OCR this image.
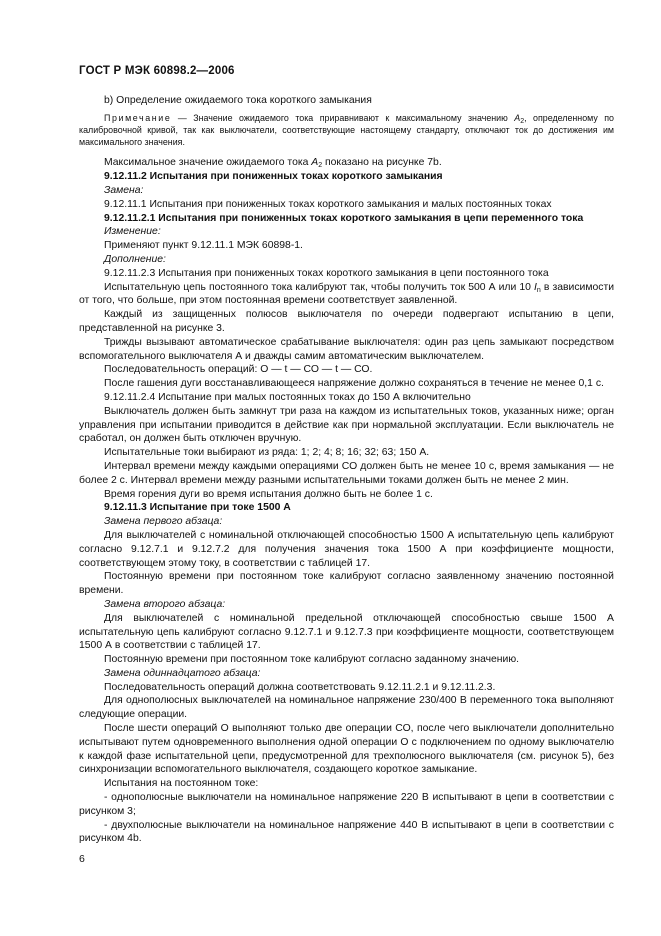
ГОСТ Р МЭК 60898.2—2006

b) Определение ожидаемого тока короткого замыкания

Примечание — Значение ожидаемого тока приравнивают к максимальному значению $A_2$, определенному по калибровочной кривой, так как выключатели, соответствующие настоящему стандарту, отключают ток до достижения им максимального значения.

Максимальное значение ожидаемого тока $A_2$ показано на рисунке 7b.

9.12.11.2 Испытания при пониженных токах короткого замыкания

Замена:

9.12.11.1 Испытания при пониженных токах короткого замыкания и малых постоянных токах

9.12.11.2.1 Испытания при пониженных токах короткого замыкания в цепи переменного тока

Изменение:

Применяют пункт 9.12.11.1 МЭК 60898-1.

Дополнение:

9.12.11.2.3 Испытания при пониженных токах короткого замыкания в цепи постоянного тока

Испытательную цепь постоянного тока калибруют так, чтобы получить ток 500 А или 10 $I_n$ в зависимости от того, что больше, при этом постоянная времени соответствует заявленной.

Каждый из защищенных полюсов выключателя по очереди подвергают испытанию в цепи, представленной на рисунке 3.

Трижды вызывают автоматическое срабатывание выключателя: один раз цепь замыкают посредством вспомогательного выключателя А и дважды самим автоматическим выключателем.

Последовательность операций: О — t — СО — t — СО.

После гашения дуги восстанавливающееся напряжение должно сохраняться в течение не менее 0,1 с.

9.12.11.2.4 Испытание при малых постоянных токах до 150 А включительно

Выключатель должен быть замкнут три раза на каждом из испытательных токов, указанных ниже; орган управления при испытании приводится в действие как при нормальной эксплуатации. Если выключатель не сработал, он должен быть отключен вручную.

Испытательные токи выбирают из ряда: 1; 2; 4; 8; 16; 32; 63; 150 А.

Интервал времени между каждыми операциями СО должен быть не менее 10 с, время замыкания — не более 2 с. Интервал времени между разными испытательными токами должен быть не менее 2 мин.

Время горения дуги во время испытания должно быть не более 1 с.

9.12.11.3 Испытание при токе 1500 А

Замена первого абзаца:

Для выключателей с номинальной отключающей способностью 1500 А испытательную цепь калибруют согласно 9.12.7.1 и 9.12.7.2 для получения значения тока 1500 А при коэффициенте мощности, соответствующем этому току, в соответствии с таблицей 17.

Постоянную времени при постоянном токе калибруют согласно заявленному значению постоянной времени.

Замена второго абзаца:

Для выключателей с номинальной предельной отключающей способностью свыше 1500 А испытательную цепь калибруют согласно 9.12.7.1 и 9.12.7.3 при коэффициенте мощности, соответствующем 1500 А в соответствии с таблицей 17.

Постоянную времени при постоянном токе калибруют согласно заданному значению.

Замена одиннадцатого абзаца:

Последовательность операций должна соответствовать 9.12.11.2.1 и 9.12.11.2.3.

Для однополюсных выключателей на номинальное напряжение 230/400 В переменного тока выполняют следующие операции.

После шести операций О выполняют только две операции СО, после чего выключатели дополнительно испытывают путем одновременного выполнения одной операции О с подключением по одному выключателю к каждой фазе испытательной цепи, предусмотренной для трехполюсного выключателя (см. рисунок 5), без синхронизации вспомогательного выключателя, создающего короткое замыкание.

Испытания на постоянном токе:

- однополюсные выключатели на номинальное напряжение 220 В испытывают в цепи в соответствии с рисунком 3;

- двухполюсные выключатели на номинальное напряжение 440 В испытывают в цепи в соответствии с рисунком 4b.

6
